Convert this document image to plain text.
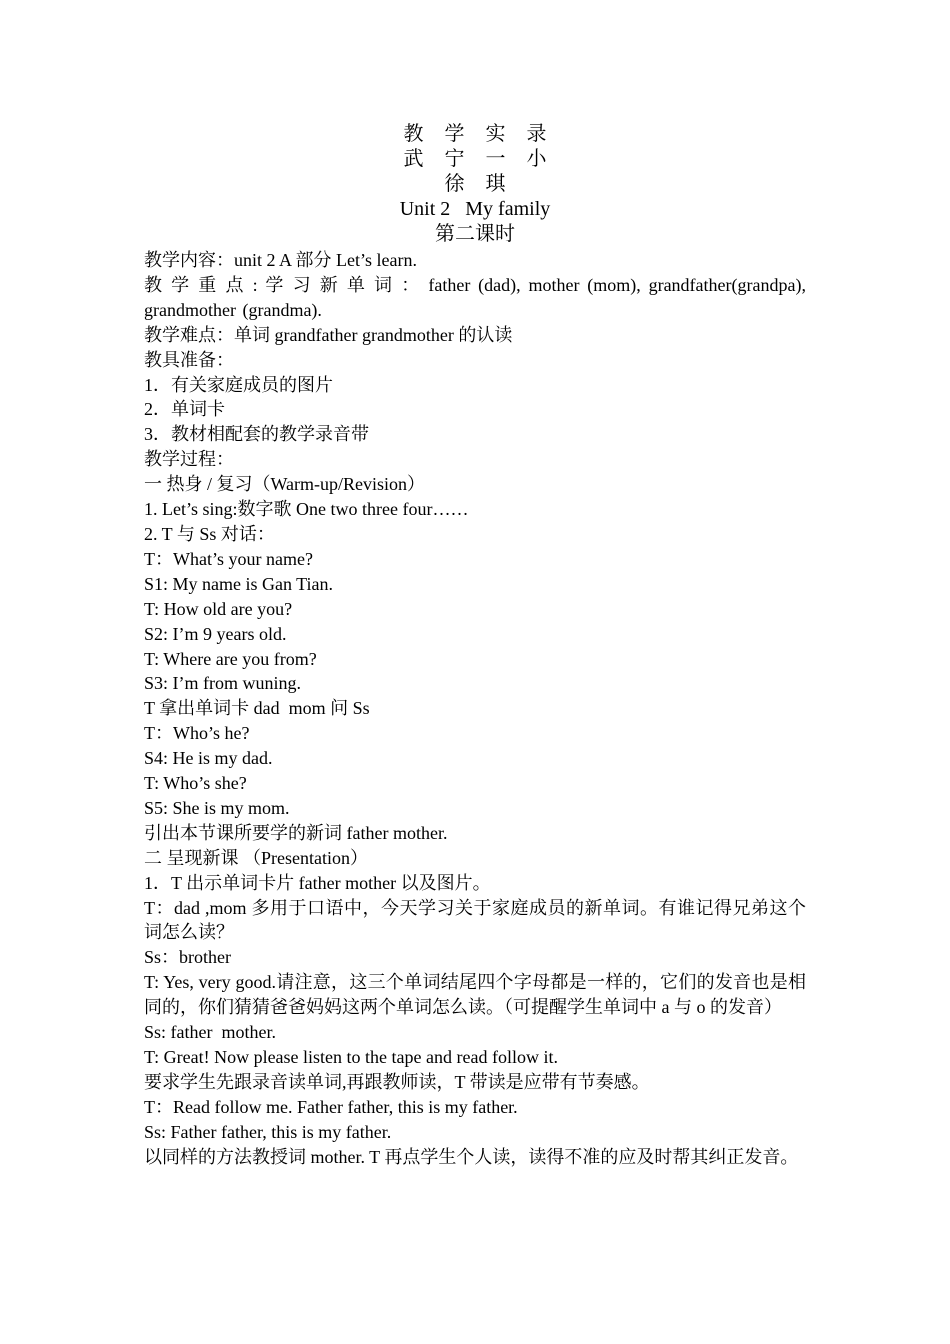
教 学 实 录
武 宁 一 小
徐 琪
Unit 2   My family
第二课时

教学内容：unit 2 A 部分 Let’s learn.

教 学 重 点 : 学 习 新 单 词 ： father (dad), mother (mom), grandfather(grandpa), grandmother (grandma).

教学难点：单词 grandfather grandmother 的认读

教具准备：

1．有关家庭成员的图片

2．单词卡

3．教材相配套的教学录音带

教学过程：

一 热身 / 复习（Warm-up/Revision）

1. Let’s sing:数字歌 One two three four……

2. T 与 Ss 对话：

T：What’s your name?

S1: My name is Gan Tian.

T: How old are you?

S2: I’m 9 years old.

T: Where are you from?

S3: I’m from wuning.

T 拿出单词卡 dad  mom 问 Ss

T：Who’s he?

S4: He is my dad.

T: Who’s she?

S5: She is my mom.

引出本节课所要学的新词 father mother.

二 呈现新课 （Presentation）

1．T 出示单词卡片 father mother 以及图片。

T：dad ,mom 多用于口语中，今天学习关于家庭成员的新单词。有谁记得兄弟这个词怎么读？

Ss：brother

T: Yes, very good.请注意，这三个单词结尾四个字母都是一样的，它们的发音也是相同的，你们猜猜爸爸妈妈这两个单词怎么读。（可提醒学生单词中 a 与 o 的发音）

Ss: father  mother.

T: Great! Now please listen to the tape and read follow it.

要求学生先跟录音读单词,再跟教师读，T 带读是应带有节奏感。

T：Read follow me. Father father, this is my father.

Ss: Father father, this is my father.

以同样的方法教授词 mother. T 再点学生个人读，读得不准的应及时帮其纠正发音。
